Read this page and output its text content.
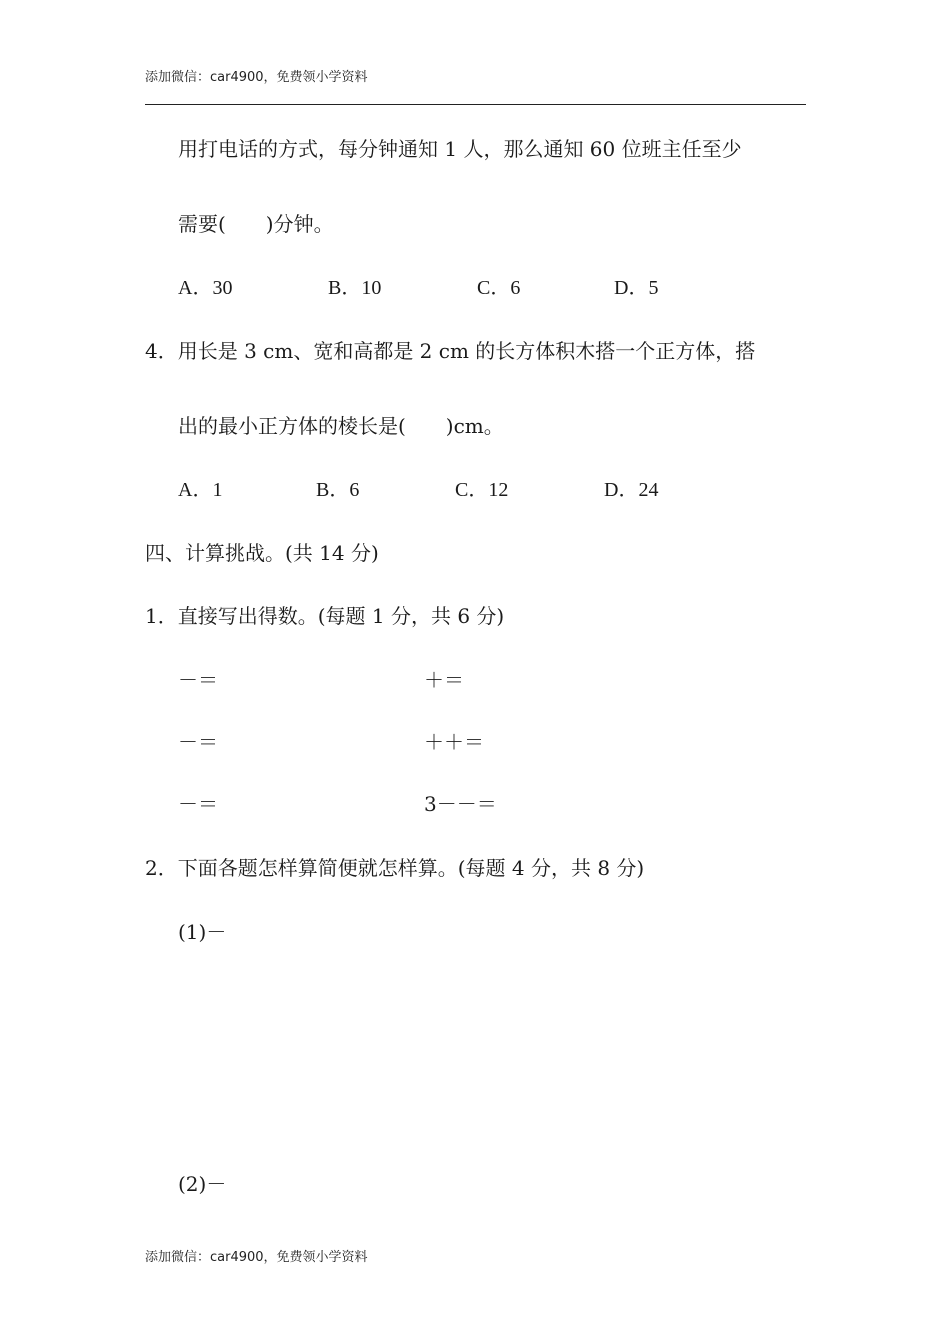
添加微信：car4900，免费领小学资料
用打电话的方式，每分钟通知 1 人，那么通知 60 位班主任至少
需要(　　)分钟。
A．30	B．10	C．6	D．5
4．用长是 3 cm、宽和高都是 2 cm 的长方体积木搭一个正方体，搭
出的最小正方体的棱长是(　　)cm。
A．1	B．6	C．12	D．24
四、计算挑战。(共 14 分)
1．直接写出得数。(每题 1 分，共 6 分)
－＝	＋＝
－＝	＋＋＝
－＝	3－－＝
2．下面各题怎样算简便就怎样算。(每题 4 分，共 8 分)
(1)－
(2)－
添加微信：car4900，免费领小学资料
